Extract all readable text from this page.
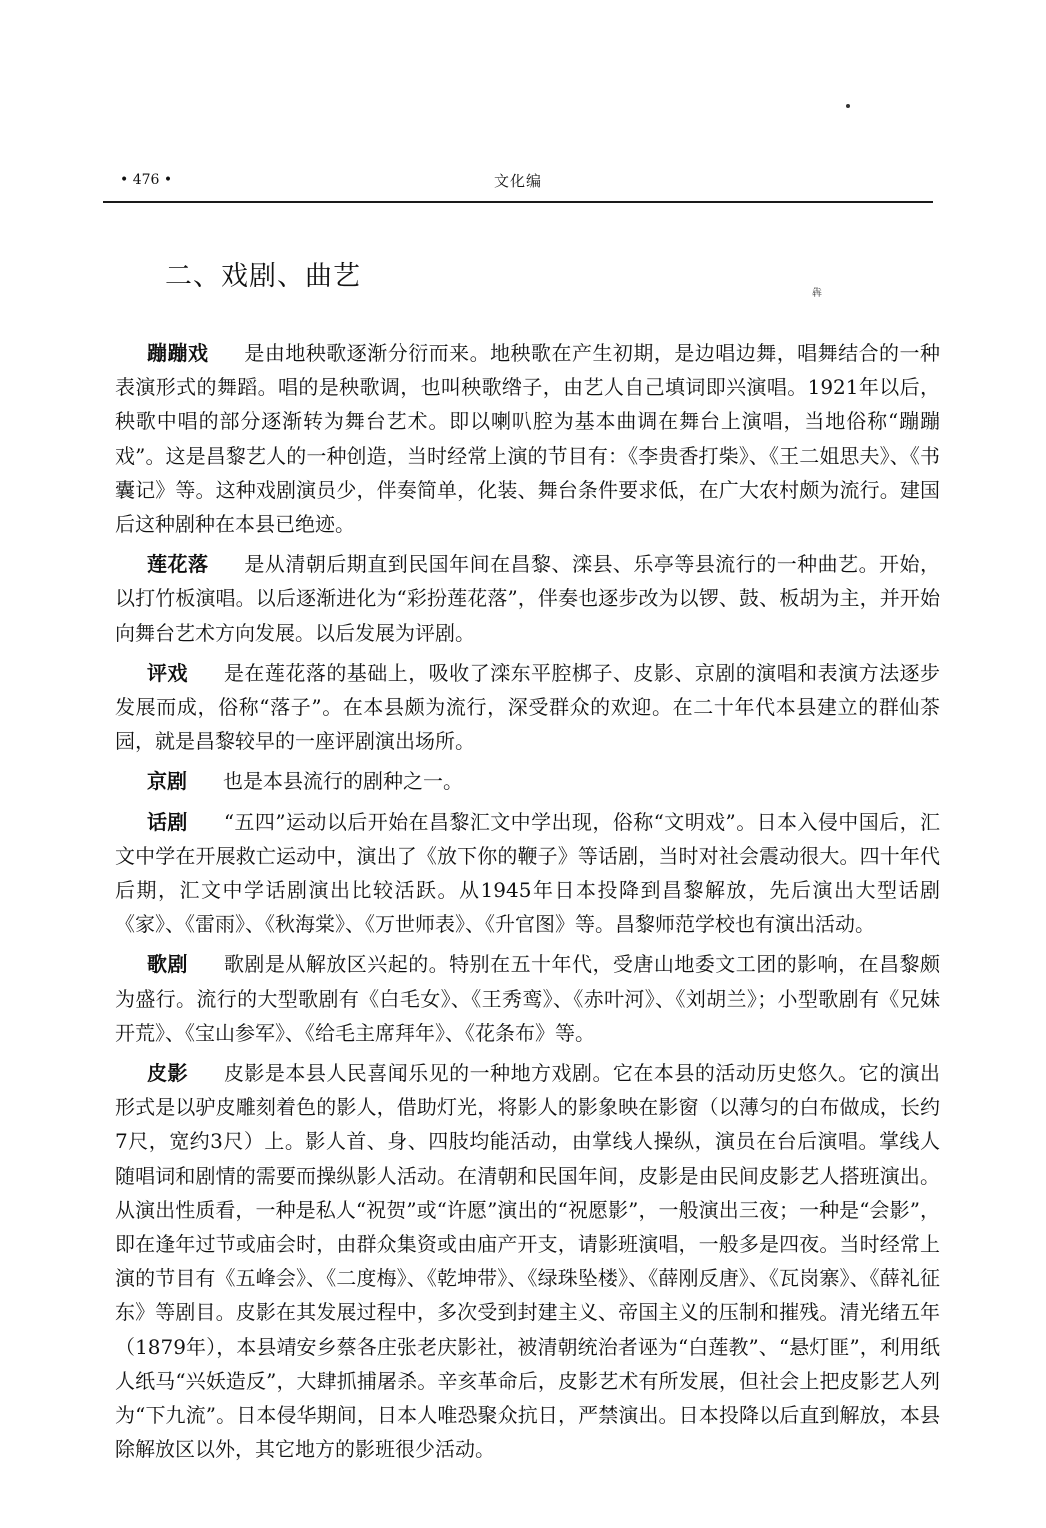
• 476 •	文化编
二、戏剧、曲艺
犇

蹦蹦戏 是由地秧歌逐渐分衍而来。地秧歌在产生初期，是边唱边舞，唱舞结合的一种表演形式的舞蹈。唱的是秧歌调，也叫秧歌绺子，由艺人自己填词即兴演唱。1921年以后，秧歌中唱的部分逐渐转为舞台艺术。即以喇叭腔为基本曲调在舞台上演唱，当地俗称“蹦蹦戏”。这是昌黎艺人的一种创造，当时经常上演的节目有：《李贵香打柴》、《王二姐思夫》、《书囊记》等。这种戏剧演员少，伴奏简单，化装、舞台条件要求低，在广大农村颇为流行。建国后这种剧种在本县已绝迹。

莲花落 是从清朝后期直到民国年间在昌黎、滦县、乐亭等县流行的一种曲艺。开始，以打竹板演唱。以后逐渐进化为“彩扮莲花落”，伴奏也逐步改为以锣、鼓、板胡为主，并开始向舞台艺术方向发展。以后发展为评剧。

评戏 是在莲花落的基础上，吸收了滦东平腔梆子、皮影、京剧的演唱和表演方法逐步发展而成，俗称“落子”。在本县颇为流行，深受群众的欢迎。在二十年代本县建立的群仙茶园，就是昌黎较早的一座评剧演出场所。

京剧 也是本县流行的剧种之一。

话剧 “五四”运动以后开始在昌黎汇文中学出现，俗称“文明戏”。日本入侵中国后，汇文中学在开展救亡运动中，演出了《放下你的鞭子》等话剧，当时对社会震动很大。四十年代后期，汇文中学话剧演出比较活跃。从1945年日本投降到昌黎解放，先后演出大型话剧《家》、《雷雨》、《秋海棠》、《万世师表》、《升官图》等。昌黎师范学校也有演出活动。

歌剧 歌剧是从解放区兴起的。特别在五十年代，受唐山地委文工团的影响，在昌黎颇为盛行。流行的大型歌剧有《白毛女》、《王秀鸾》、《赤叶河》、《刘胡兰》；小型歌剧有《兄妹开荒》、《宝山参军》、《给毛主席拜年》、《花条布》等。

皮影 皮影是本县人民喜闻乐见的一种地方戏剧。它在本县的活动历史悠久。它的演出形式是以驴皮雕刻着色的影人，借助灯光，将影人的影象映在影窗（以薄匀的白布做成，长约7尺，宽约3尺）上。影人首、身、四肢均能活动，由掌线人操纵，演员在台后演唱。掌线人随唱词和剧情的需要而操纵影人活动。在清朝和民国年间，皮影是由民间皮影艺人搭班演出。从演出性质看，一种是私人“祝贺”或“许愿”演出的“祝愿影”，一般演出三夜；一种是“会影”，即在逢年过节或庙会时，由群众集资或由庙产开支，请影班演唱，一般多是四夜。当时经常上演的节目有《五峰会》、《二度梅》、《乾坤带》、《绿珠坠楼》、《薛刚反唐》、《瓦岗寨》、《薛礼征东》等剧目。皮影在其发展过程中，多次受到封建主义、帝国主义的压制和摧残。清光绪五年（1879年），本县靖安乡蔡各庄张老庆影社，被清朝统治者诬为“白莲教”、“悬灯匪”，利用纸人纸马“兴妖造反”，大肆抓捕屠杀。辛亥革命后，皮影艺术有所发展，但社会上把皮影艺人列为“下九流”。日本侵华期间，日本人唯恐聚众抗日，严禁演出。日本投降以后直到解放，本县除解放区以外，其它地方的影班很少活动。
